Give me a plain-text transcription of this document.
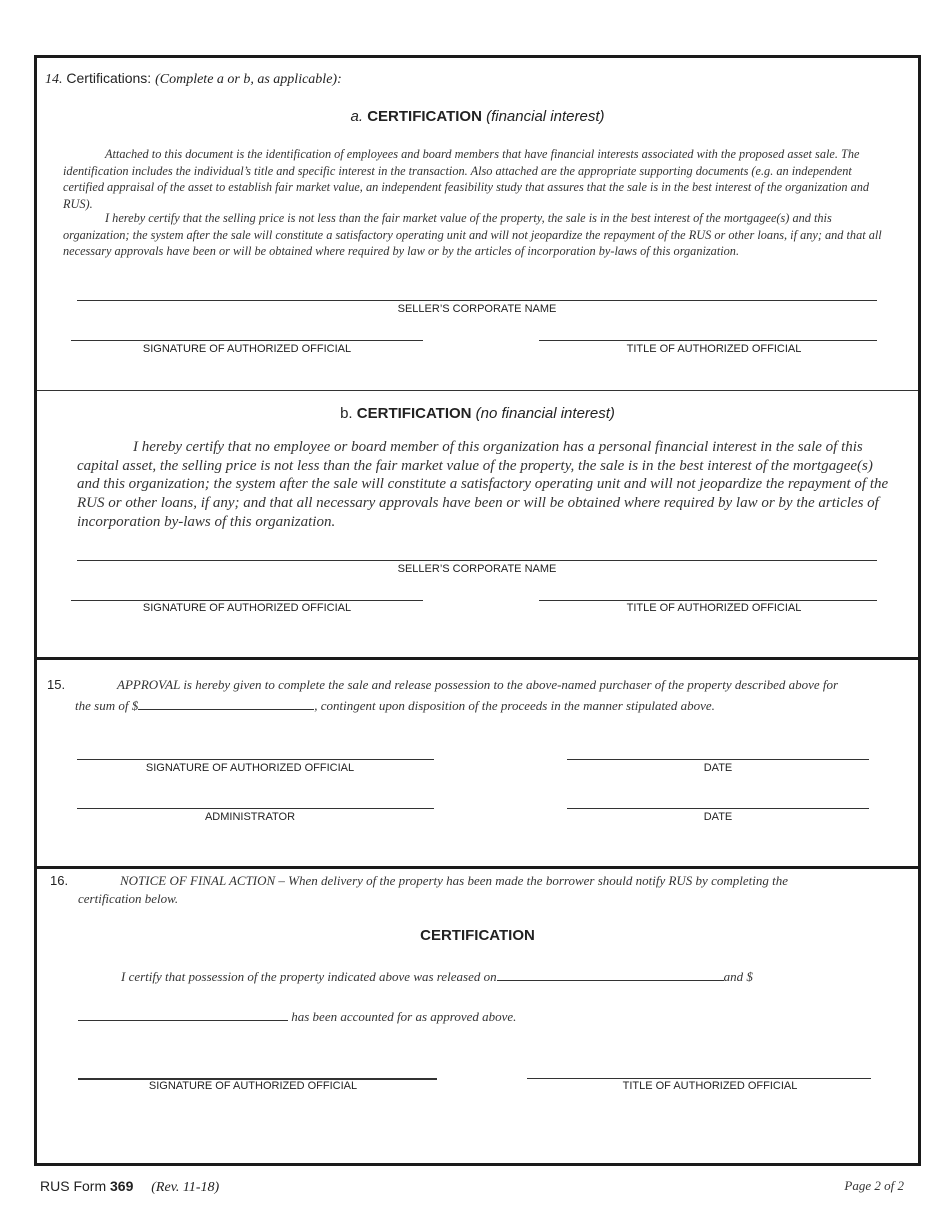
14. Certifications: (Complete a or b, as applicable):
a. CERTIFICATION (financial interest)
Attached to this document is the identification of employees and board members that have financial interests associated with the proposed asset sale. The identification includes the individual’s title and specific interest in the transaction. Also attached are the appropriate supporting documents (e.g. an independent certified appraisal of the asset to establish fair market value, an independent feasibility study that assures that the sale is in the best interest of the organization and RUS).
I hereby certify that the selling price is not less than the fair market value of the property, the sale is in the best interest of the mortgagee(s) and this organization; the system after the sale will constitute a satisfactory operating unit and will not jeopardize the repayment of the RUS or other loans, if any; and that all necessary approvals have been or will be obtained where required by law or by the articles of incorporation by-laws of this organization.
SELLER’S CORPORATE NAME
SIGNATURE OF AUTHORIZED OFFICIAL	TITLE OF AUTHORIZED OFFICIAL
b. CERTIFICATION (no financial interest)
I hereby certify that no employee or board member of this organization has a personal financial interest in the sale of this capital asset, the selling price is not less than the fair market value of the property, the sale is in the best interest of the mortgagee(s) and this organization; the system after the sale will constitute a satisfactory operating unit and will not jeopardize the repayment of the RUS or other loans, if any; and that all necessary approvals have been or will be obtained where required by law or by the articles of incorporation by-laws of this organization.
SELLER’S CORPORATE NAME
SIGNATURE OF AUTHORIZED OFFICIAL	TITLE OF AUTHORIZED OFFICIAL
15.	APPROVAL is hereby given to complete the sale and release possession to the above-named purchaser of the property described above for
the sum of $	, contingent upon disposition of the proceeds in the manner stipulated above.
SIGNATURE OF AUTHORIZED OFFICIAL	DATE
ADMINISTRATOR	DATE
16.	NOTICE OF FINAL ACTION – When delivery of the property has been made the borrower should notify RUS by completing the
certification below.
CERTIFICATION
I certify that possession of the property indicated above was released on	and $
has been accounted for as approved above.
SIGNATURE OF AUTHORIZED OFFICIAL	TITLE OF AUTHORIZED OFFICIAL
RUS Form 369 (Rev. 11-18)	Page 2 of 2
